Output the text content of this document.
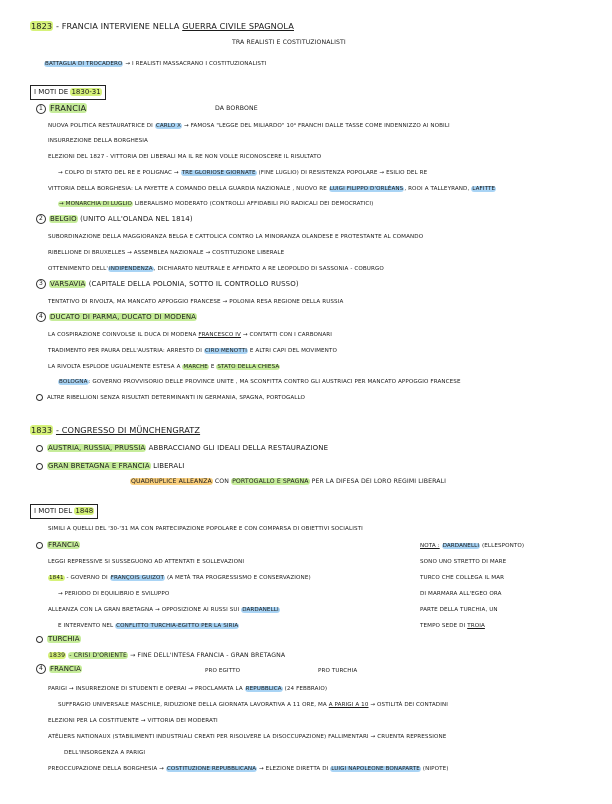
1823 - FRANCIA INTERVIENE NELLA GUERRA CIVILE SPAGNOLA
TRA REALISTI E COSTITUZIONALISTI
BATTAGLIA DI TROCADERO → I REALISTI MASSACRANO I COSTITUZIONALISTI
I MOTI DE 1830-31
1 FRANCIA	DA BORBONE
NUOVA POLITICA RESTAURATRICE DI CARLO X → FAMOSA "LEGGE DEL MILIARDO" 10⁹ FRANCHI DALLE TASSE COME INDENNIZZO AI NOBILI
INSURREZIONE DELLA BORGHESIA
ELEZIONI DEL 1827 - VITTORIA DEI LIBERALI MA IL RE NON VOLLE RICONOSCERE IL RISULTATO
→ COLPO DI STATO DEL RE E POLIGNAC → TRE GLORIOSE GIORNATE (FINE LUGLIO) DI RESISTENZA POPOLARE → ESILIO DEL RE
VITTORIA DELLA BORGHESIA: LA FAYETTE A COMANDO DELLA GUARDIA NAZIONALE , NUOVO RE LUIGI FILIPPO D'ORLÉANS, ROOI A TALLEYRAND, LAFITTE
→ MONARCHIA DI LUGLIO LIBERALISMO MODERATO (CONTROLLI AFFIDABILI PIÙ RADICALI DEI DEMOCRATICI)
2 BELGIO (UNITO ALL'OLANDA NEL 1814)
SUBORDINAZIONE DELLA MAGGIORANZA BELGA E CATTOLICA CONTRO LA MINORANZA OLANDESE E PROTESTANTE AL COMANDO
RIBELLIONE DI BRUXELLES → ASSEMBLEA NAZIONALE → COSTITUZIONE LIBERALE
OTTENIMENTO DELL'INDIPENDENZA, DICHIARATO NEUTRALE E AFFIDATO A RE LEOPOLDO DI SASSONIA - COBURGO
3 VARSAVIA (CAPITALE DELLA POLONIA, SOTTO IL CONTROLLO RUSSO)
TENTATIVO DI RIVOLTA, MA MANCATO APPOGGIO FRANCESE → POLONIA RESA REGIONE DELLA RUSSIA
4 DUCATO DI PARMA, DUCATO DI MODENA
LA COSPIRAZIONE COINVOLSE IL DUCA DI MODENA FRANCESCO IV → CONTATTI CON I CARBONARI
TRADIMENTO PER PAURA DELL'AUSTRIA: ARRESTO DI CIRO MENOTTI E ALTRI CAPI DEL MOVIMENTO
LA RIVOLTA ESPLODE UGUALMENTE ESTESA A MARCHE E STATO DELLA CHIESA
BOLOGNA: GOVERNO PROVVISORIO DELLE PROVINCE UNITE , MA SCONFITTA CONTRO GLI AUSTRIACI PER MANCATO APPOGGIO FRANCESE
ALTRE RIBELLIONI SENZA RISULTATI DETERMINANTI IN GERMANIA, SPAGNA, PORTOGALLO
1833 - CONGRESSO DI MÜNCHENGRATZ
AUSTRIA, RUSSIA, PRUSSIA ABBRACCIANO GLI IDEALI DELLA RESTAURAZIONE
GRAN BRETAGNA E FRANCIA LIBERALI
QUADRUPLICE ALLEANZA CON PORTOGALLO E SPAGNA PER LA DIFESA DEI LORO REGIMI LIBERALI
I MOTI DEL 1848
SIMILI A QUELLI DEL '30-'31 MA CON PARTECIPAZIONE POPOLARE E CON COMPARSA DI OBIETTIVI SOCIALISTI
FRANCIA
LEGGI REPRESSIVE SI SUSSEGUONO AD ATTENTATI E SOLLEVAZIONI
1841 - GOVERNO DI FRANÇOIS GUIZOT (A METÀ TRA PROGRESSISMO E CONSERVAZIONE)
→ PERIODO DI EQUILIBRIO E SVILUPPO
ALLEANZA CON LA GRAN BRETAGNA → OPPOSIZIONE AI RUSSI SUI DARDANELLI
E INTERVENTO NEL CONFLITTO TURCHIA-EGITTO PER LA SIRIA
NOTA : DARDANELLI (ELLESPONTO)
SONO UNO STRETTO DI MARE
TURCO CHE COLLEGA IL MAR
DI MARMARA ALL'EGEO ORA
PARTE DELLA TURCHIA, UN
TEMPO SEDE DI TROIA
TURCHIA
1839 - CRISI D'ORIENTE → FINE DELL'INTESA FRANCIA - GRAN BRETAGNA
PRO EGITTO	PRO TURCHIA
4 FRANCIA
PARIGI → INSURREZIONE DI STUDENTI E OPERAI → PROCLAMATA LA REPUBBLICA (24 FEBBRAIO)
SUFFRAGIO UNIVERSALE MASCHILE, RIDUZIONE DELLA GIORNATA LAVORATIVA A 11 ORE, MA A PARIGI A 10 → OSTILITÀ DEI CONTADINI
ELEZIONI PER LA COSTITUENTE → VITTORIA DEI MODERATI
ATÉLIERS NATIONAUX (STABILIMENTI INDUSTRIALI CREATI PER RISOLVERE LA DISOCCUPAZIONE) FALLIMENTARI → CRUENTA REPRESSIONE
DELL'INSORGENZA A PARIGI
PREOCCUPAZIONE DELLA BORGHESIA → COSTITUZIONE REPUBBLICANA → ELEZIONE DIRETTA DI LUIGI NAPOLEONE BONAPARTE (NIPOTE)
